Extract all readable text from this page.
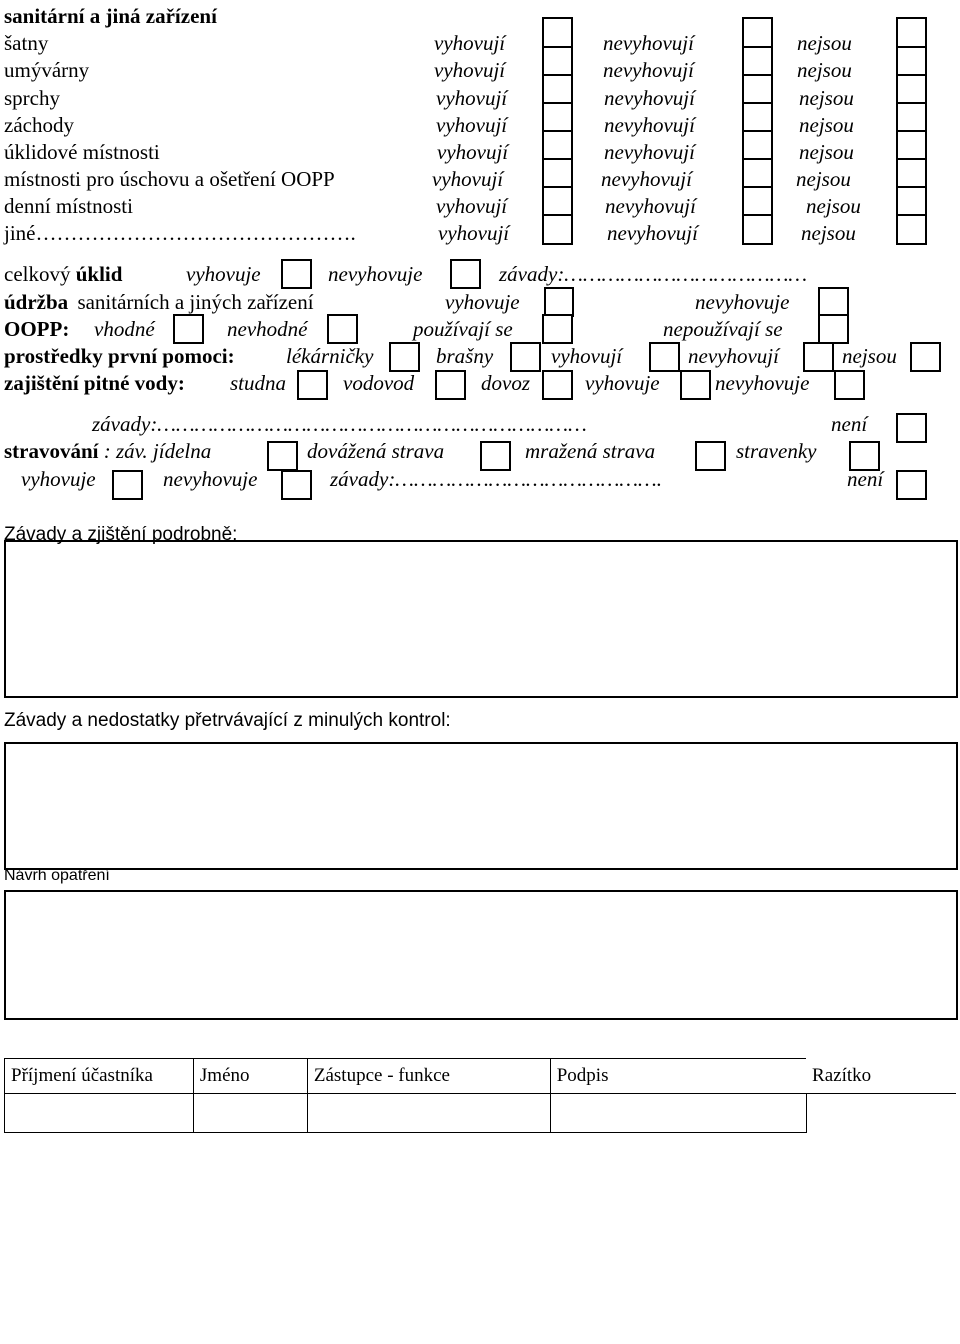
sanitární a jiná zařízení
šatny	vyhovují	nevyhovují	nejsou
umývárny	vyhovují	nevyhovují	nejsou
sprchy	vyhovují	nevyhovují	nejsou
záchody	vyhovují	nevyhovují	nejsou
úklidové místnosti	vyhovují	nevyhovují	nejsou
místnosti pro úschovu a ošetření OOPP	vyhovují	nevyhovují	nejsou
denní místnosti	vyhovují	nevyhovují	nejsou
jiné……………………………………….	vyhovují	nevyhovují	nejsou
celkový úklid	vyhovuje	nevyhovuje	závady:…………………………………
údržba sanitárních a jiných zařízení	vyhovuje	nevyhovuje
OOPP: vhodné	nevhodné	používají se	nepoužívají se
prostředky první pomoci: lékárničky	brašny	vyhovují	nevyhovují	nejsou
zajištění pitné vody: studna	vodovod	dovoz	vyhovuje	nevyhovuje
závady:……………………………………………………………	není
stravování : záv. jídelna	dovážená strava	mražená strava	stravenky
vyhovuje	nevyhovuje	závady:…………………………………….	není
Závady a zjištění podrobně:
Závady a nedostatky přetrvávající z minulých kontrol:
Návrh opatření
Příjmení účastníka	Jméno	Zástupce - funkce	Podpis	Razítko
